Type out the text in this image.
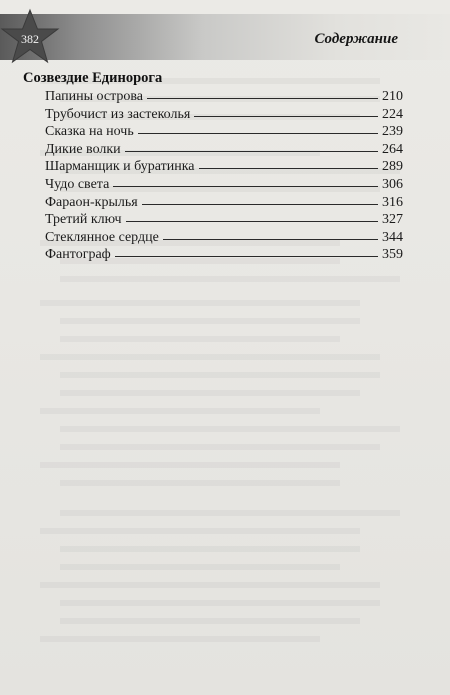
382	Содержание
Созвездие Единорога
Папины острова	210
Трубочист из застеколья	224
Сказка на ночь	239
Дикие волки	264
Шарманщик и буратинка	289
Чудо света	306
Фараон-крылья	316
Третий ключ	327
Стеклянное сердце	344
Фантограф	359
